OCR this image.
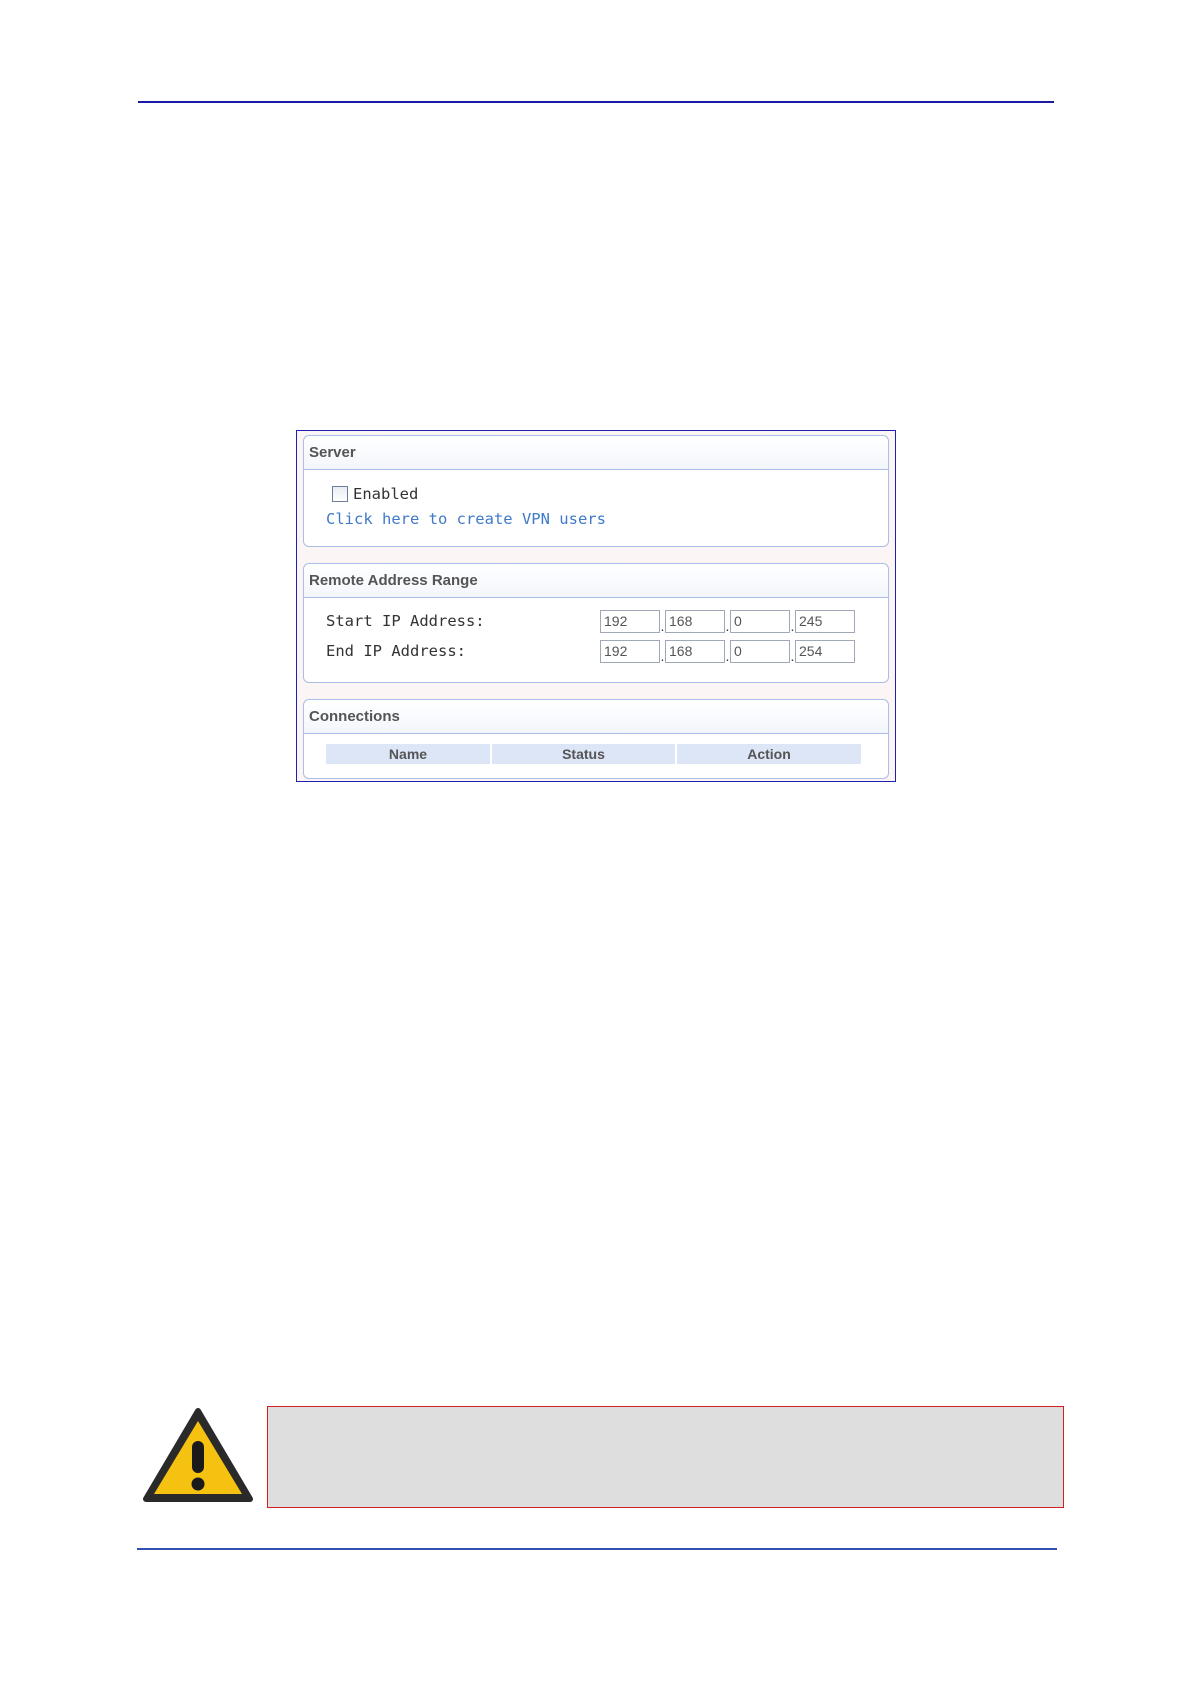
Server
Enabled
Click here to create VPN users
Remote Address Range
Start IP Address:	192	. 168	. 0	. 245
End IP Address:	192	. 168	. 0	. 254
Connections
Name	Status	Action
